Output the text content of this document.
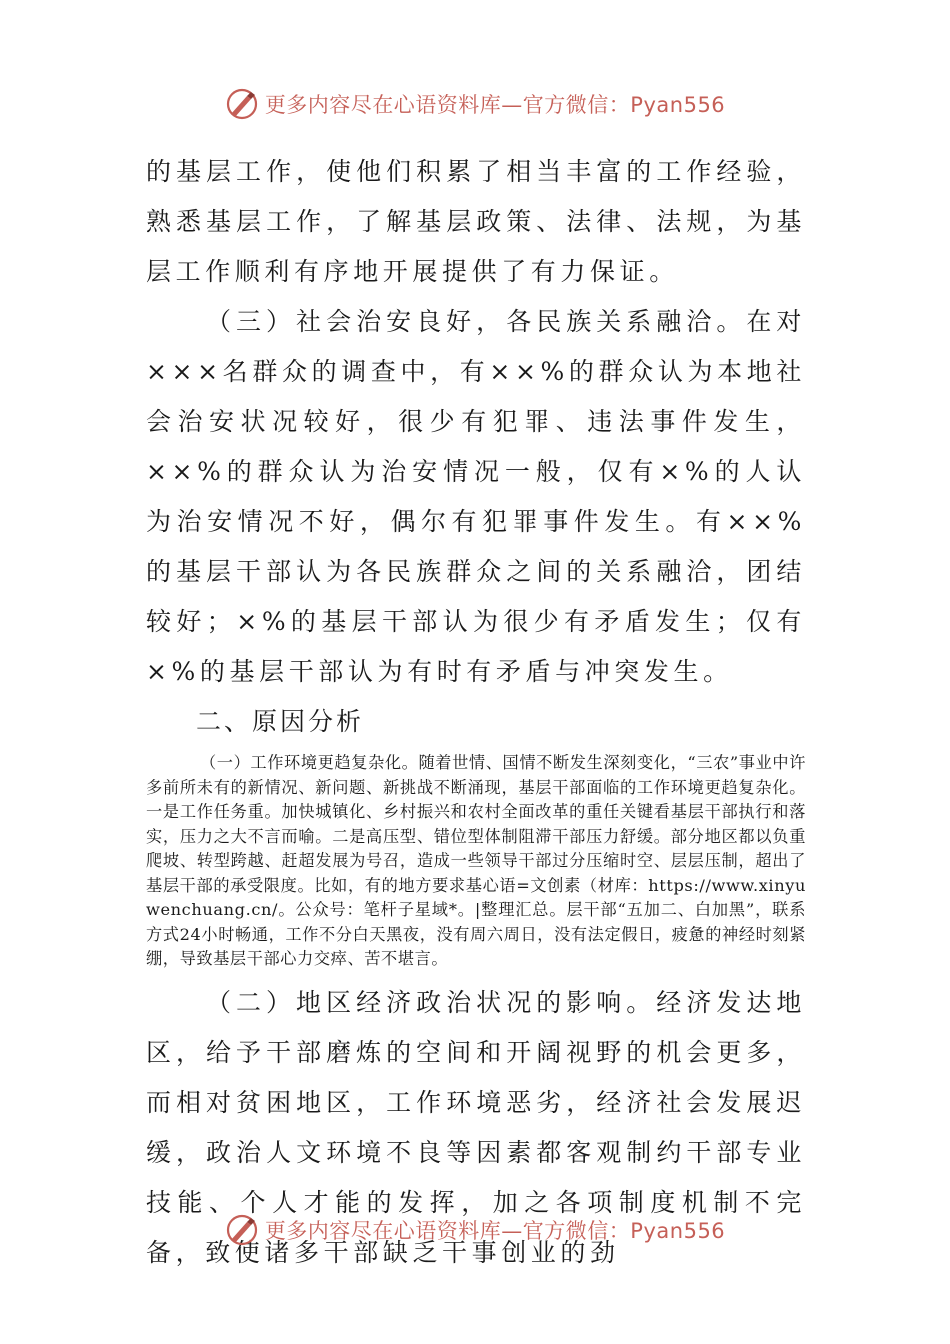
更多内容尽在心语资料库—官方微信：Pyan556

的基层工作，使他们积累了相当丰富的工作经验，熟悉基层工作，了解基层政策、法律、法规，为基层工作顺利有序地开展提供了有力保证。

（三）社会治安良好，各民族关系融洽。在对×××名群众的调查中，有××%的群众认为本地社会治安状况较好，很少有犯罪、违法事件发生，××%的群众认为治安情况一般，仅有×%的人认为治安情况不好，偶尔有犯罪事件发生。有××%的基层干部认为各民族群众之间的关系融洽，团结较好；×%的基层干部认为很少有矛盾发生；仅有×%的基层干部认为有时有矛盾与冲突发生。

二、原因分析

（一）工作环境更趋复杂化。随着世情、国情不断发生深刻变化，“三农”事业中许多前所未有的新情况、新问题、新挑战不断涌现，基层干部面临的工作环境更趋复杂化。一是工作任务重。加快城镇化、乡村振兴和农村全面改革的重任关键看基层干部执行和落实，压力之大不言而喻。二是高压型、错位型体制阻滞干部压力舒缓。部分地区都以负重爬坡、转型跨越、赶超发展为号召，造成一些领导干部过分压缩时空、层层压制，超出了基层干部的承受限度。比如，有的地方要求基心语=文创素（材库：https://www.xinyuwenchuang.cn/。公众号：笔杆子星域*。|整理汇总。层干部“五加二、白加黑”，联系方式24小时畅通，工作不分白天黑夜，没有周六周日，没有法定假日，疲惫的神经时刻紧绷，导致基层干部心力交瘁、苦不堪言。

（二）地区经济政治状况的影响。经济发达地区，给予干部磨炼的空间和开阔视野的机会更多，而相对贫困地区，工作环境恶劣，经济社会发展迟缓，政治人文环境不良等因素都客观制约干部专业技能、个人才能的发挥，加之各项制度机制不完备，致使诸多干部缺乏干事创业的劲

更多内容尽在心语资料库—官方微信：Pyan556
